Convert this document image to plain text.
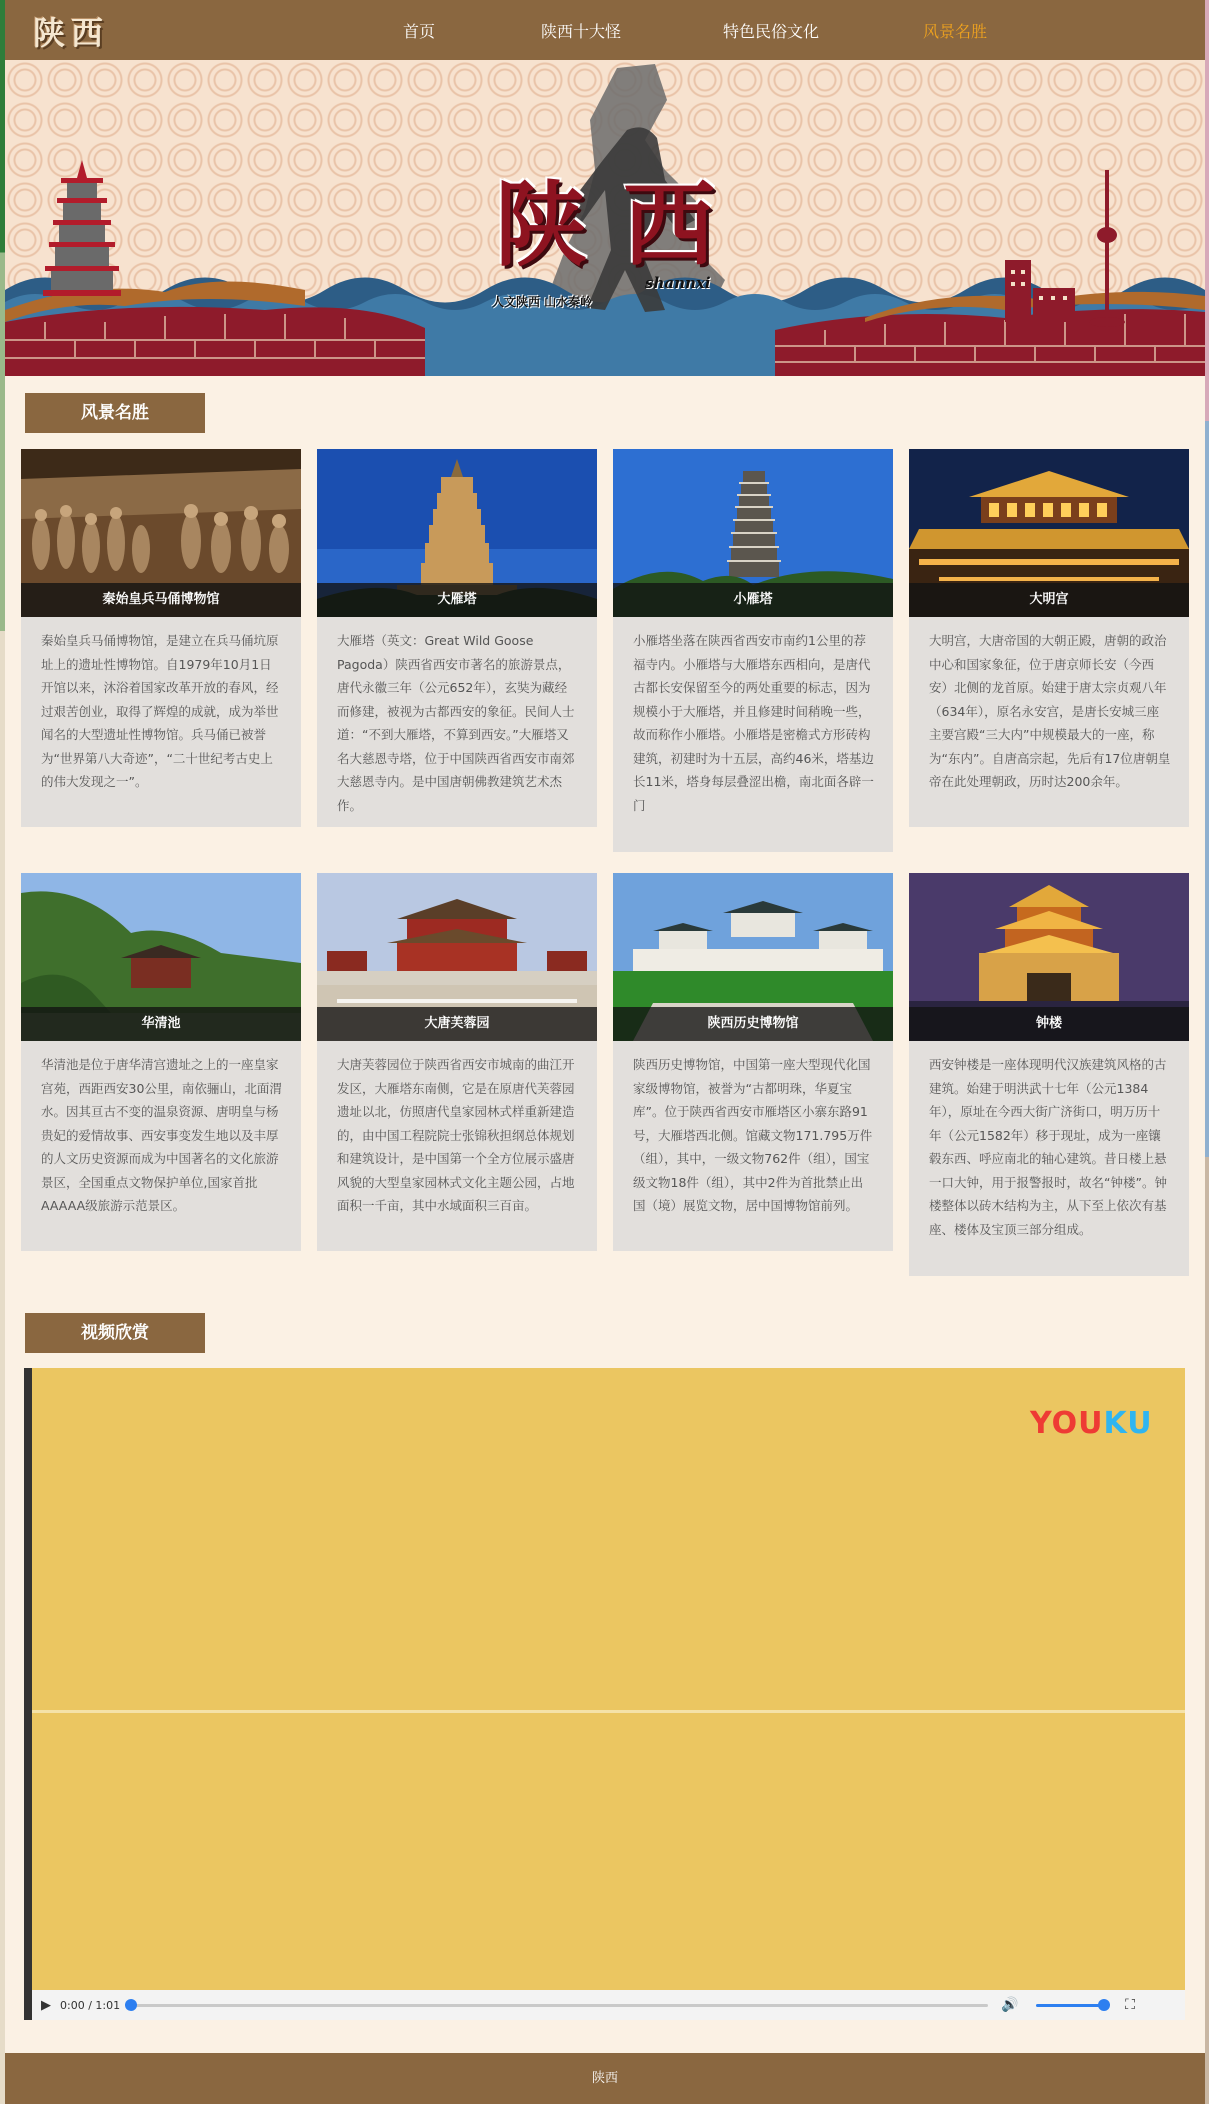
陕西	首页	陕西十大怪	特色民俗文化	风景名胜
陕西
shannxi
人文陕西 山水秦岭
风景名胜
秦始皇兵马俑博物馆
秦始皇兵马俑博物馆，是建立在兵马俑坑原址上的遗址性博物馆。自1979年10月1日开馆以来，沐浴着国家改革开放的春风，经过艰苦创业，取得了辉煌的成就，成为举世闻名的大型遗址性博物馆。兵马俑已被誉为“世界第八大奇迹”，“二十世纪考古史上的伟大发现之一”。
大雁塔
大雁塔（英文：Great Wild Goose Pagoda）陕西省西安市著名的旅游景点，唐代永徽三年（公元652年），玄奘为藏经而修建，被视为古都西安的象征。民间人士道：“不到大雁塔，不算到西安。”大雁塔又名大慈恩寺塔，位于中国陕西省西安市南郊大慈恩寺内。是中国唐朝佛教建筑艺术杰作。
小雁塔
小雁塔坐落在陕西省西安市南约1公里的荐福寺内。小雁塔与大雁塔东西相向，是唐代古都长安保留至今的两处重要的标志，因为规模小于大雁塔，并且修建时间稍晚一些，故而称作小雁塔。小雁塔是密檐式方形砖构建筑，初建时为十五层，高约46米，塔基边长11米，塔身每层叠涩出檐，南北面各辟一门
大明宫
大明宫，大唐帝国的大朝正殿，唐朝的政治中心和国家象征，位于唐京师长安（今西安）北侧的龙首原。始建于唐太宗贞观八年（634年），原名永安宫，是唐长安城三座主要宫殿“三大内”中规模最大的一座，称为“东内”。自唐高宗起，先后有17位唐朝皇帝在此处理朝政，历时达200余年。
华清池
华清池是位于唐华清宫遗址之上的一座皇家宫苑，西距西安30公里，南依骊山，北面渭水。因其亘古不变的温泉资源、唐明皇与杨贵妃的爱情故事、西安事变发生地以及丰厚的人文历史资源而成为中国著名的文化旅游景区，全国重点文物保护单位,国家首批AAAAA级旅游示范景区。
大唐芙蓉园
大唐芙蓉园位于陕西省西安市城南的曲江开发区，大雁塔东南侧，它是在原唐代芙蓉园遗址以北，仿照唐代皇家园林式样重新建造的，由中国工程院院士张锦秋担纲总体规划和建筑设计，是中国第一个全方位展示盛唐风貌的大型皇家园林式文化主题公园，占地面积一千亩，其中水域面积三百亩。
陕西历史博物馆
陕西历史博物馆，中国第一座大型现代化国家级博物馆，被誉为“古都明珠，华夏宝库”。位于陕西省西安市雁塔区小寨东路91号，大雁塔西北侧。馆藏文物171.795万件（组），其中，一级文物762件（组），国宝级文物18件（组），其中2件为首批禁止出国（境）展览文物，居中国博物馆前列。
钟楼
西安钟楼是一座体现明代汉族建筑风格的古建筑。始建于明洪武十七年（公元1384年），原址在今西大街广济街口，明万历十年（公元1582年）移于现址，成为一座镶毂东西、呼应南北的轴心建筑。昔日楼上悬一口大钟，用于报警报时，故名“钟楼”。钟楼整体以砖木结构为主，从下至上依次有基座、楼体及宝顶三部分组成。
视频欣赏
YOUKU
▶ 0:00 / 1:01	🔊	⛶
陕西
